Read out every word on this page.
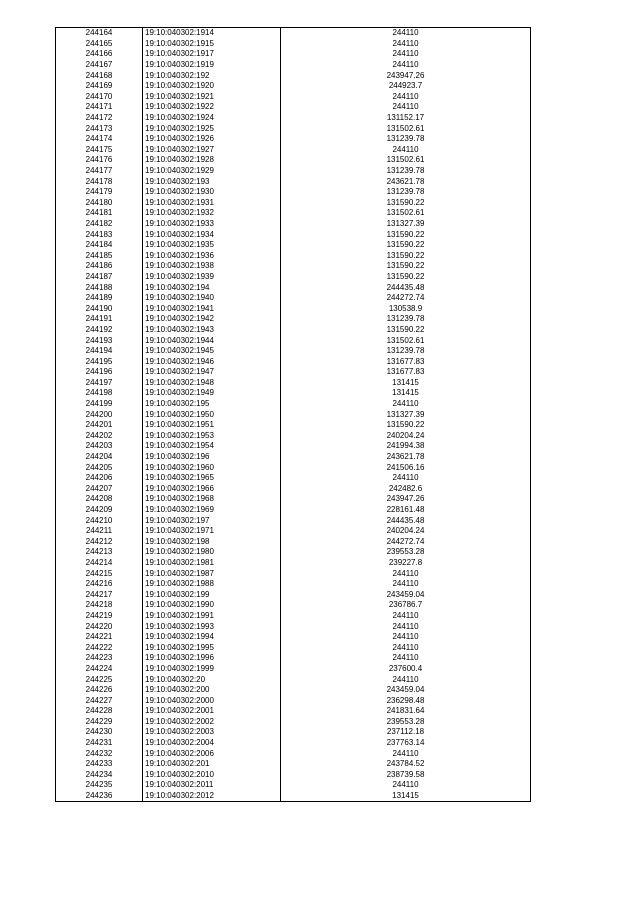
244164	19:10:040302:1914	244110
244165	19:10:040302:1915	244110
244166	19:10:040302:1917	244110
244167	19:10:040302:1919	244110
244168	19:10:040302:192	243947.26
244169	19:10:040302:1920	244923.7
244170	19:10:040302:1921	244110
244171	19:10:040302:1922	244110
244172	19:10:040302:1924	131152.17
244173	19:10:040302:1925	131502.61
244174	19:10:040302:1926	131239.78
244175	19:10:040302:1927	244110
244176	19:10:040302:1928	131502.61
244177	19:10:040302:1929	131239.78
244178	19:10:040302:193	243621.78
244179	19:10:040302:1930	131239.78
244180	19:10:040302:1931	131590.22
244181	19:10:040302:1932	131502.61
244182	19:10:040302:1933	131327.39
244183	19:10:040302:1934	131590.22
244184	19:10:040302:1935	131590.22
244185	19:10:040302:1936	131590.22
244186	19:10:040302:1938	131590.22
244187	19:10:040302:1939	131590.22
244188	19:10:040302:194	244435.48
244189	19:10:040302:1940	244272.74
244190	19:10:040302:1941	130538.9
244191	19:10:040302:1942	131239.78
244192	19:10:040302:1943	131590.22
244193	19:10:040302:1944	131502.61
244194	19:10:040302:1945	131239.78
244195	19:10:040302:1946	131677.83
244196	19:10:040302:1947	131677.83
244197	19:10:040302:1948	131415
244198	19:10:040302:1949	131415
244199	19:10:040302:195	244110
244200	19:10:040302:1950	131327.39
244201	19:10:040302:1951	131590.22
244202	19:10:040302:1953	240204.24
244203	19:10:040302:1954	241994.38
244204	19:10:040302:196	243621.78
244205	19:10:040302:1960	241506.16
244206	19:10:040302:1965	244110
244207	19:10:040302:1966	242482.6
244208	19:10:040302:1968	243947.26
244209	19:10:040302:1969	228161.48
244210	19:10:040302:197	244435.48
244211	19:10:040302:1971	240204.24
244212	19:10:040302:198	244272.74
244213	19:10:040302:1980	239553.28
244214	19:10:040302:1981	239227.8
244215	19:10:040302:1987	244110
244216	19:10:040302:1988	244110
244217	19:10:040302:199	243459.04
244218	19:10:040302:1990	236786.7
244219	19:10:040302:1991	244110
244220	19:10:040302:1993	244110
244221	19:10:040302:1994	244110
244222	19:10:040302:1995	244110
244223	19:10:040302:1996	244110
244224	19:10:040302:1999	237600.4
244225	19:10:040302:20	244110
244226	19:10:040302:200	243459.04
244227	19:10:040302:2000	236298.48
244228	19:10:040302:2001	241831.64
244229	19:10:040302:2002	239553.28
244230	19:10:040302:2003	237112.18
244231	19:10:040302:2004	237763.14
244232	19:10:040302:2006	244110
244233	19:10:040302:201	243784.52
244234	19:10:040302:2010	238739.58
244235	19:10:040302:2011	244110
244236	19:10:040302:2012	131415
